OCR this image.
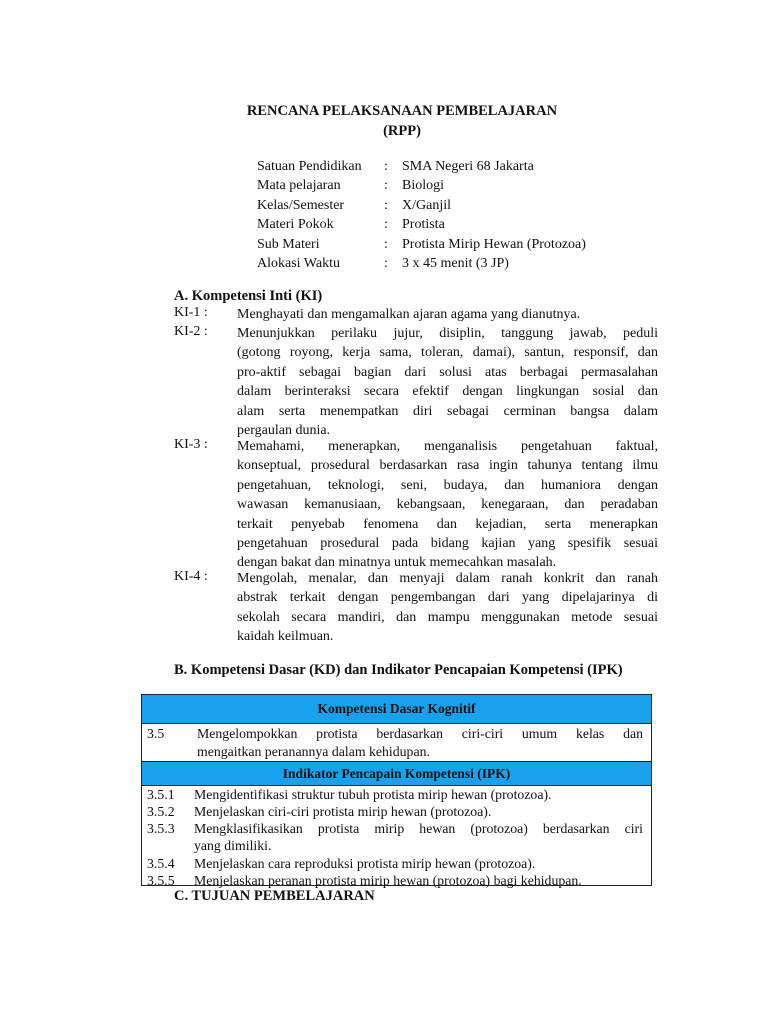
RENCANA PELAKSANAAN PEMBELAJARAN
(RPP)
Satuan Pendidikan : SMA Negeri 68 Jakarta
Mata pelajaran	: Biologi
Kelas/Semester	: X/Ganjil
Materi Pokok	: Protista
Sub Materi	: Protista Mirip Hewan (Protozoa)
Alokasi Waktu	: 3 x 45 menit (3 JP)
A. Kompetensi Inti (KI)
KI-1 : Menghayati dan mengamalkan ajaran agama yang dianutnya.
KI-2 : Menunjukkan perilaku jujur, disiplin, tanggung jawab, peduli
(gotong royong, kerja sama, toleran, damai), santun, responsif, dan
pro-aktif sebagai bagian dari solusi atas berbagai permasalahan
dalam berinteraksi secara efektif dengan lingkungan sosial dan
alam serta menempatkan diri sebagai cerminan bangsa dalam
pergaulan dunia.
KI-3 : Memahami, menerapkan, menganalisis pengetahuan faktual,
konseptual, prosedural berdasarkan rasa ingin tahunya tentang ilmu
pengetahuan, teknologi, seni, budaya, dan humaniora dengan
wawasan kemanusiaan, kebangsaan, kenegaraan, dan peradaban
terkait penyebab fenomena dan kejadian, serta menerapkan
pengetahuan prosedural pada bidang kajian yang spesifik sesuai
dengan bakat dan minatnya untuk memecahkan masalah.
KI-4 : Mengolah, menalar, dan menyaji dalam ranah konkrit dan ranah
abstrak terkait dengan pengembangan dari yang dipelajarinya di
sekolah secara mandiri, dan mampu menggunakan metode sesuai
kaidah keilmuan.
B. Kompetensi Dasar (KD) dan Indikator Pencapaian Kompetensi (IPK)
Kompetensi Dasar Kognitif
3.5 Mengelompokkan protista berdasarkan ciri-ciri umum kelas dan
mengaitkan peranannya dalam kehidupan.
Indikator Pencapain Kompetensi (IPK)
3.5.1 Mengidentifikasi struktur tubuh protista mirip hewan (protozoa).
3.5.2 Menjelaskan ciri-ciri protista mirip hewan (protozoa).
3.5.3 Mengklasifikasikan protista mirip hewan (protozoa) berdasarkan ciri
yang dimiliki.
3.5.4 Menjelaskan cara reproduksi protista mirip hewan (protozoa).
3.5.5 Menjelaskan peranan protista mirip hewan (protozoa) bagi kehidupan.
C. TUJUAN PEMBELAJARAN
